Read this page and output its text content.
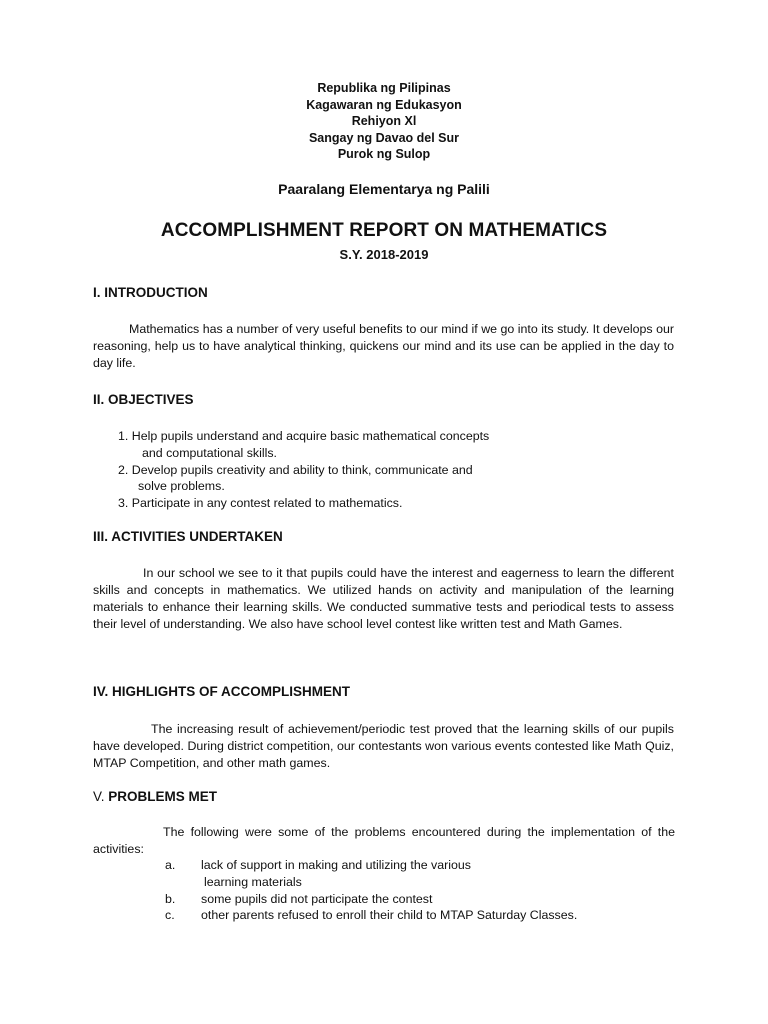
Republika ng Pilipinas
Kagawaran ng Edukasyon
Rehiyon Xl
Sangay ng Davao del Sur
Purok ng Sulop
Paaralang Elementarya ng Palili
ACCOMPLISHMENT REPORT ON MATHEMATICS
S.Y. 2018-2019
I. INTRODUCTION
Mathematics has a number of very useful benefits to our mind if we go into its study. It develops our reasoning, help us to have analytical thinking, quickens our mind and its use can be applied in the day to day life.
II. OBJECTIVES
1. Help pupils understand and acquire basic mathematical concepts
and computational skills.
2. Develop pupils creativity and ability to think, communicate and
solve problems.
3. Participate in any contest related to mathematics.
III. ACTIVITIES UNDERTAKEN
In our school we see to it that pupils could have the interest and eagerness to learn the different skills and concepts in mathematics. We utilized hands on activity and manipulation of the learning materials to enhance their learning skills. We conducted summative tests and periodical tests to assess their level of understanding. We also have school level contest like written test and Math Games.
IV. HIGHLIGHTS OF ACCOMPLISHMENT
The increasing result of achievement/periodic test proved that the learning skills of our pupils have developed. During district competition, our contestants won various events contested like Math Quiz, MTAP Competition, and other math games.
V. PROBLEMS MET
The following were some of the problems encountered during the implementation of the activities:
a. lack of support in making and utilizing the various
learning materials
b. some pupils did not participate the contest
c. other parents refused to enroll their child to MTAP Saturday Classes.
